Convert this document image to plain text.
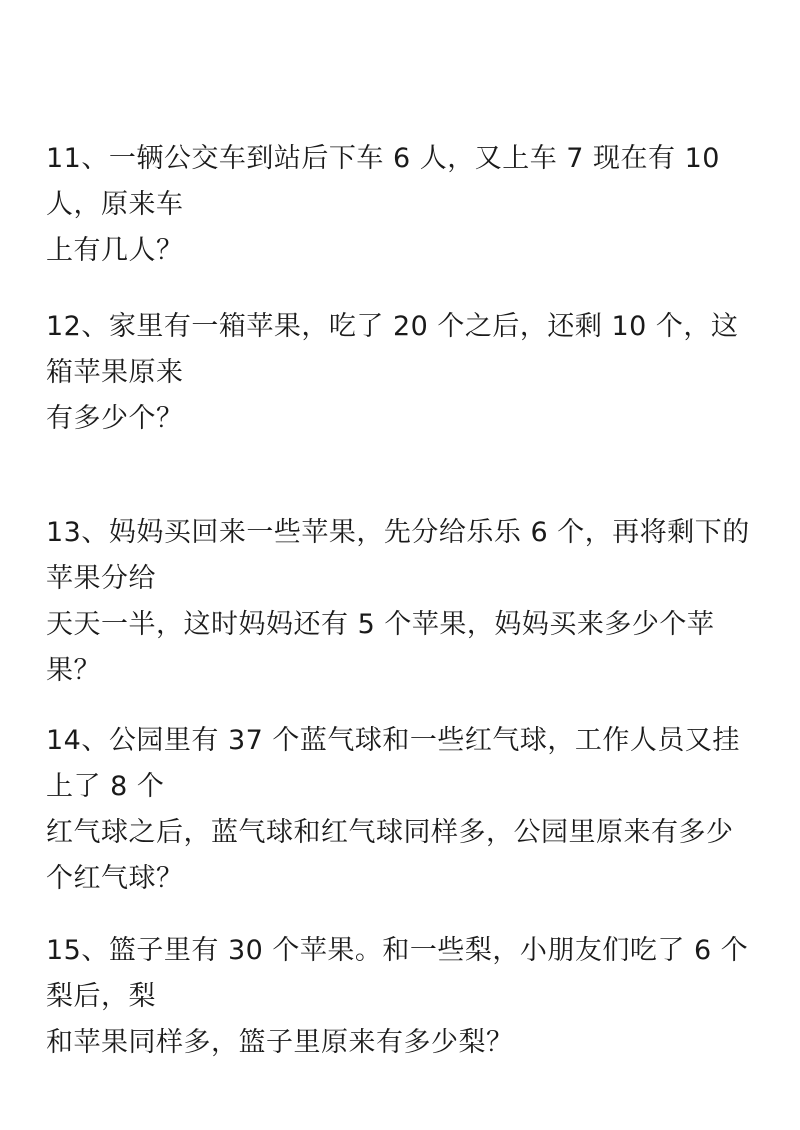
11、一辆公交车到站后下车 6 人，又上车 7 现在有 10 人，原来车
上有几人？

12、家里有一箱苹果，吃了 20 个之后，还剩 10 个，这箱苹果原来
有多少个？

13、妈妈买回来一些苹果，先分给乐乐 6 个，再将剩下的苹果分给
天天一半，这时妈妈还有 5 个苹果，妈妈买来多少个苹果？

14、公园里有 37 个蓝气球和一些红气球，工作人员又挂上了 8 个
红气球之后，蓝气球和红气球同样多，公园里原来有多少个红气球？

15、篮子里有 30 个苹果。和一些梨，小朋友们吃了 6 个梨后，梨
和苹果同样多，篮子里原来有多少梨？
